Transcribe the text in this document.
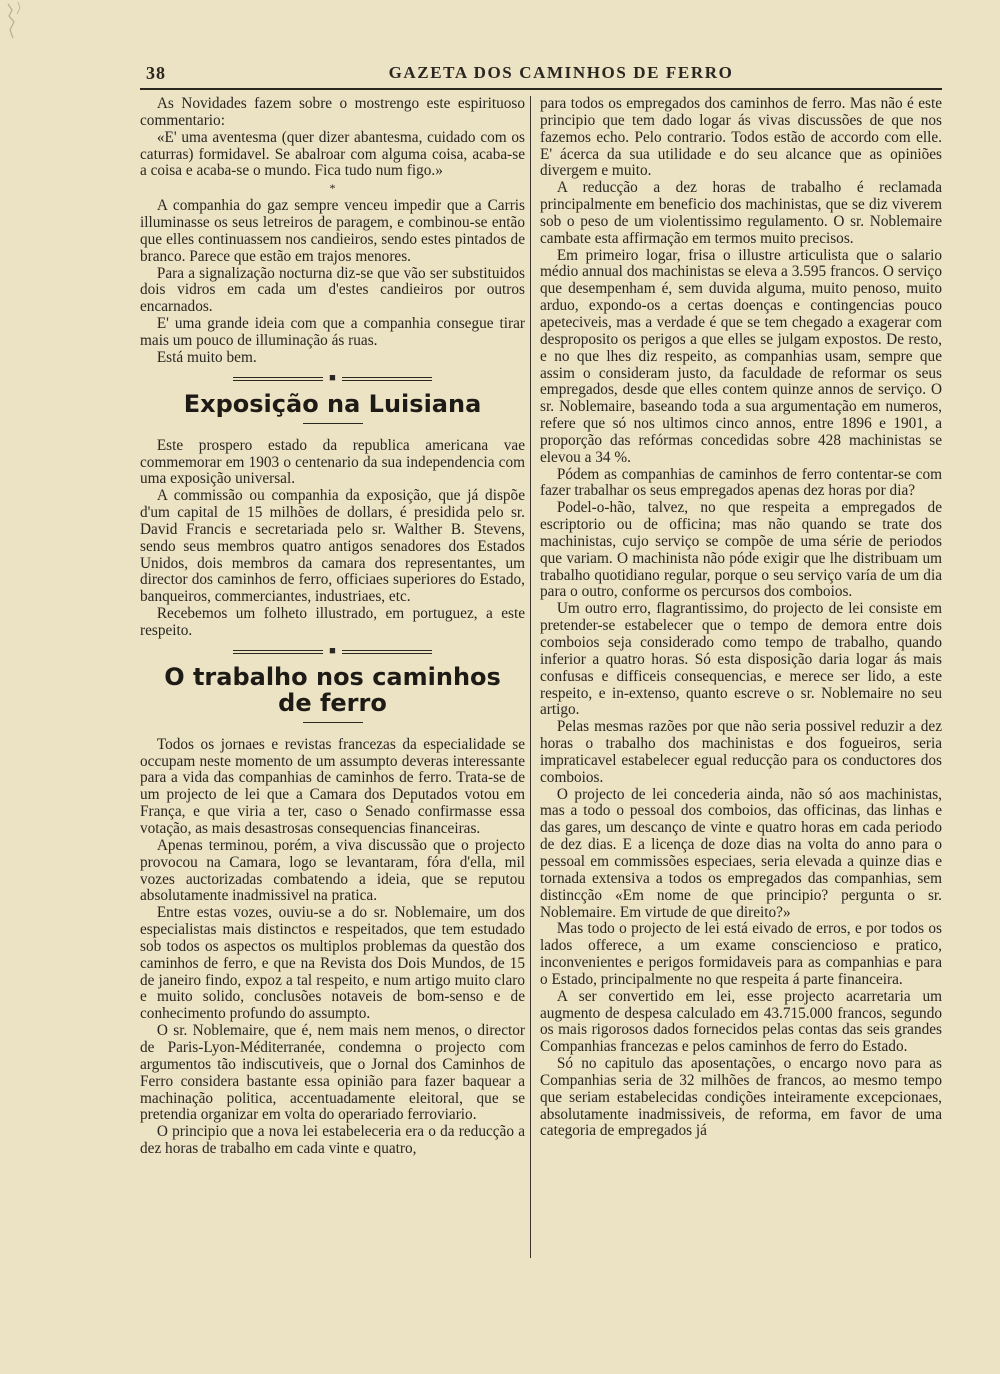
38	GAZETA DOS CAMINHOS DE FERRO

As Novidades fazem sobre o mostrengo este espirituoso commentario:

«E' uma aventesma (quer dizer abantesma, cuidado com os caturras) formidavel. Se abalroar com alguma coisa, acaba-se a coisa e acaba-se o mundo. Fica tudo num figo.»

*

A companhia do gaz sempre venceu impedir que a Carris illuminasse os seus letreiros de paragem, e combinou-se então que elles continuassem nos candieiros, sendo estes pintados de branco. Parece que estão em trajos menores.

Para a signalização nocturna diz-se que vão ser substituidos dois vidros em cada um d'estes candieiros por outros encarnados.

E' uma grande ideia com que a companhia consegue tirar mais um pouco de illuminação ás ruas.

Está muito bem.

■
Exposição na Luisiana

Este prospero estado da republica americana vae commemorar em 1903 o centenario da sua independencia com uma exposição universal.

A commissão ou companhia da exposição, que já dispõe d'um capital de 15 milhões de dollars, é presidida pelo sr. David Francis e secretariada pelo sr. Walther B. Stevens, sendo seus membros quatro antigos senadores dos Estados Unidos, dois membros da camara dos representantes, um director dos caminhos de ferro, officiaes superiores do Estado, banqueiros, commerciantes, industriaes, etc.

Recebemos um folheto illustrado, em portuguez, a este respeito.

■
O trabalho nos caminhos
de ferro

Todos os jornaes e revistas francezas da especialidade se occupam neste momento de um assumpto deveras interessante para a vida das companhias de caminhos de ferro. Trata-se de um projecto de lei que a Camara dos Deputados votou em França, e que viria a ter, caso o Senado confirmasse essa votação, as mais desastrosas consequencias financeiras.

Apenas terminou, porém, a viva discussão que o projecto provocou na Camara, logo se levantaram, fóra d'ella, mil vozes auctorizadas combatendo a ideia, que se reputou absolutamente inadmissivel na pratica.

Entre estas vozes, ouviu-se a do sr. Noblemaire, um dos especialistas mais distinctos e respeitados, que tem estudado sob todos os aspectos os multiplos problemas da questão dos caminhos de ferro, e que na Revista dos Dois Mundos, de 15 de janeiro findo, expoz a tal respeito, e num artigo muito claro e muito solido, conclusões notaveis de bom-senso e de conhecimento profundo do assumpto.

O sr. Noblemaire, que é, nem mais nem menos, o director de Paris-Lyon-Méditerranée, condemna o projecto com argumentos tão indiscutiveis, que o Jornal dos Caminhos de Ferro considera bastante essa opinião para fazer baquear a machinação politica, accentuadamente eleitoral, que se pretendia organizar em volta do operariado ferroviario.

O principio que a nova lei estabeleceria era o da reducção a dez horas de trabalho em cada vinte e quatro,

para todos os empregados dos caminhos de ferro. Mas não é este principio que tem dado logar ás vivas discussões de que nos fazemos echo. Pelo contrario. Todos estão de accordo com elle. E' ácerca da sua utilidade e do seu alcance que as opiniões divergem e muito.

A reducção a dez horas de trabalho é reclamada principalmente em beneficio dos machinistas, que se diz viverem sob o peso de um violentissimo regulamento. O sr. Noblemaire cambate esta affirmação em termos muito precisos.

Em primeiro logar, frisa o illustre articulista que o salario médio annual dos machinistas se eleva a 3.595 francos. O serviço que desempenham é, sem duvida alguma, muito penoso, muito arduo, expondo-os a certas doenças e contingencias pouco apeteciveis, mas a verdade é que se tem chegado a exagerar com desproposito os perigos a que elles se julgam expostos. De resto, e no que lhes diz respeito, as companhias usam, sempre que assim o consideram justo, da faculdade de reformar os seus empregados, desde que elles contem quinze annos de serviço. O sr. Noblemaire, baseando toda a sua argumentação em numeros, refere que só nos ultimos cinco annos, entre 1896 e 1901, a proporção das refórmas concedidas sobre 428 machinistas se elevou a 34 %.

Pódem as companhias de caminhos de ferro contentar-se com fazer trabalhar os seus empregados apenas dez horas por dia?

Podel-o-hão, talvez, no que respeita a empregados de escriptorio ou de officina; mas não quando se trate dos machinistas, cujo serviço se compõe de uma série de periodos que variam. O machinista não póde exigir que lhe distribuam um trabalho quotidiano regular, porque o seu serviço varía de um dia para o outro, conforme os percursos dos comboios.

Um outro erro, flagrantissimo, do projecto de lei consiste em pretender-se estabelecer que o tempo de demora entre dois comboios seja considerado como tempo de trabalho, quando inferior a quatro horas. Só esta disposição daria logar ás mais confusas e difficeis consequencias, e merece ser lido, a este respeito, e in-extenso, quanto escreve o sr. Noblemaire no seu artigo.

Pelas mesmas razões por que não seria possivel reduzir a dez horas o trabalho dos machinistas e dos fogueiros, seria impraticavel estabelecer egual reducção para os conductores dos comboios.

O projecto de lei concederia ainda, não só aos machinistas, mas a todo o pessoal dos comboios, das officinas, das linhas e das gares, um descanço de vinte e quatro horas em cada periodo de dez dias. E a licença de doze dias na volta do anno para o pessoal em commissões especiaes, seria elevada a quinze dias e tornada extensiva a todos os empregados das companhias, sem distincção «Em nome de que principio? pergunta o sr. Noblemaire. Em virtude de que direito?»

Mas todo o projecto de lei está eivado de erros, e por todos os lados offerece, a um exame consciencioso e pratico, inconvenientes e perigos formidaveis para as companhias e para o Estado, principalmente no que respeita á parte financeira.

A ser convertido em lei, esse projecto acarretaria um augmento de despesa calculado em 43.715.000 francos, segundo os mais rigorosos dados fornecidos pelas contas das seis grandes Companhias francezas e pelos caminhos de ferro do Estado.

Só no capitulo das aposentações, o encargo novo para as Companhias seria de 32 milhões de francos, ao mesmo tempo que seriam estabelecidas condições inteiramente excepcionaes, absolutamente inadmissiveis, de reforma, em favor de uma categoria de empregados já
